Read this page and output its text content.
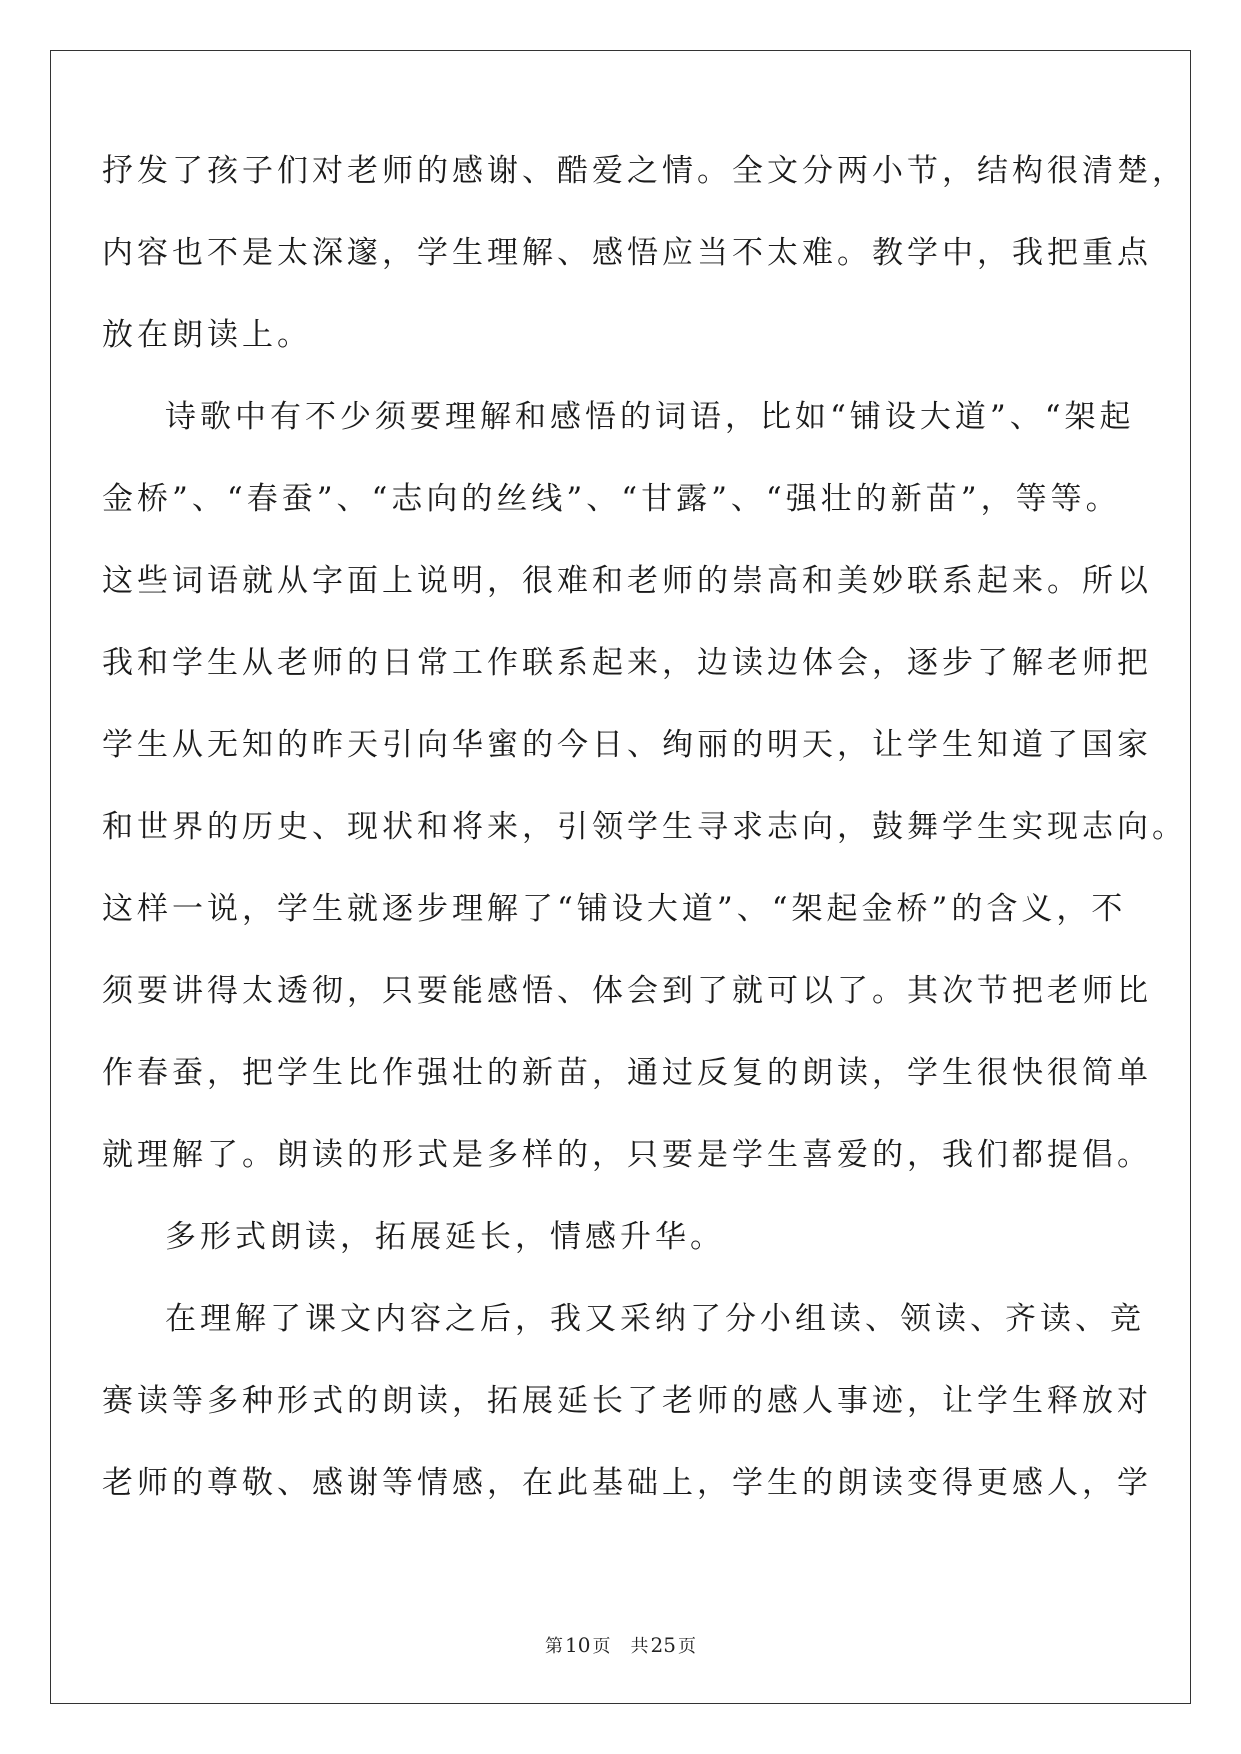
抒发了孩子们对老师的感谢、酷爱之情。全文分两小节，结构很清楚，
内容也不是太深邃，学生理解、感悟应当不太难。教学中，我把重点
放在朗读上。
诗歌中有不少须要理解和感悟的词语，比如“铺设大道”、“架起
金桥”、“春蚕”、“志向的丝线”、“甘露”、“强壮的新苗”，等等。
这些词语就从字面上说明，很难和老师的崇高和美妙联系起来。所以
我和学生从老师的日常工作联系起来，边读边体会，逐步了解老师把
学生从无知的昨天引向华蜜的今日、绚丽的明天，让学生知道了国家
和世界的历史、现状和将来，引领学生寻求志向，鼓舞学生实现志向。
这样一说，学生就逐步理解了“铺设大道”、“架起金桥”的含义，不
须要讲得太透彻，只要能感悟、体会到了就可以了。其次节把老师比
作春蚕，把学生比作强壮的新苗，通过反复的朗读，学生很快很简单
就理解了。朗读的形式是多样的，只要是学生喜爱的，我们都提倡。
多形式朗读，拓展延长，情感升华。
在理解了课文内容之后，我又采纳了分小组读、领读、齐读、竞
赛读等多种形式的朗读，拓展延长了老师的感人事迹，让学生释放对
老师的尊敬、感谢等情感，在此基础上，学生的朗读变得更感人，学
第 10 页 共 25 页
